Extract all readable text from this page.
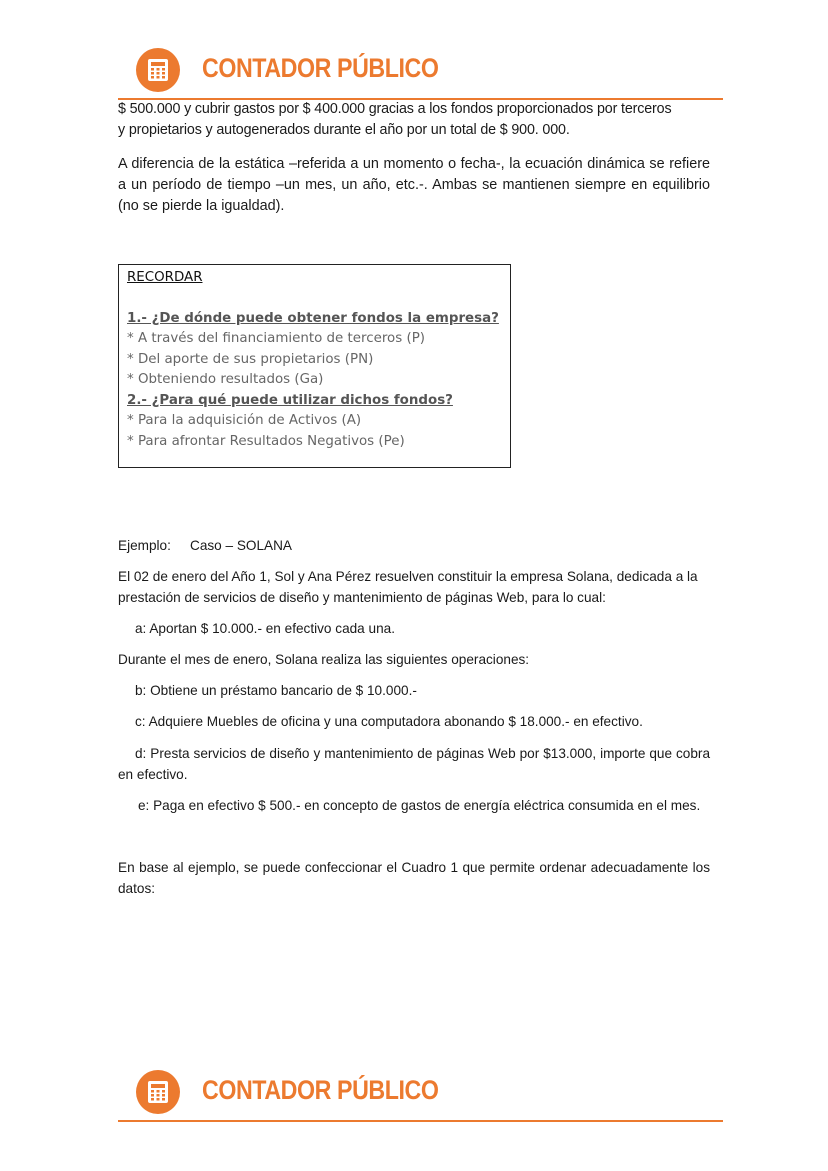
CONTADOR PÚBLICO
$ 500.000 y cubrir gastos por $ 400.000 gracias a los fondos proporcionados por terceros
y propietarios y autogenerados durante el año por un total de $ 900. 000.
A diferencia de la estática –referida a un momento o fecha-, la ecuación dinámica se refiere a un período de tiempo –un mes, un año, etc.-. Ambas se mantienen siempre en equilibrio (no se pierde la igualdad).
RECORDAR
1.- ¿De dónde puede obtener fondos la empresa?
* A través del financiamiento de terceros (P)
* Del aporte de sus propietarios (PN)
* Obteniendo resultados (Ga)
2.- ¿Para qué puede utilizar dichos fondos?
* Para la adquisición de Activos (A)
* Para afrontar Resultados Negativos (Pe)
Ejemplo: Caso – SOLANA
El 02 de enero del Año 1, Sol y Ana Pérez resuelven constituir la empresa Solana, dedicada a la prestación de servicios de diseño y mantenimiento de páginas Web, para lo cual:
a: Aportan $ 10.000.- en efectivo cada una.
Durante el mes de enero, Solana realiza las siguientes operaciones:
b: Obtiene un préstamo bancario de $ 10.000.-
c: Adquiere Muebles de oficina y una computadora abonando $ 18.000.- en efectivo.
d: Presta servicios de diseño y mantenimiento de páginas Web por $13.000, importe que cobra en efectivo.
e: Paga en efectivo $ 500.- en concepto de gastos de energía eléctrica consumida en el mes.
En base al ejemplo, se puede confeccionar el Cuadro 1 que permite ordenar adecuadamente los datos:
CONTADOR PÚBLICO
